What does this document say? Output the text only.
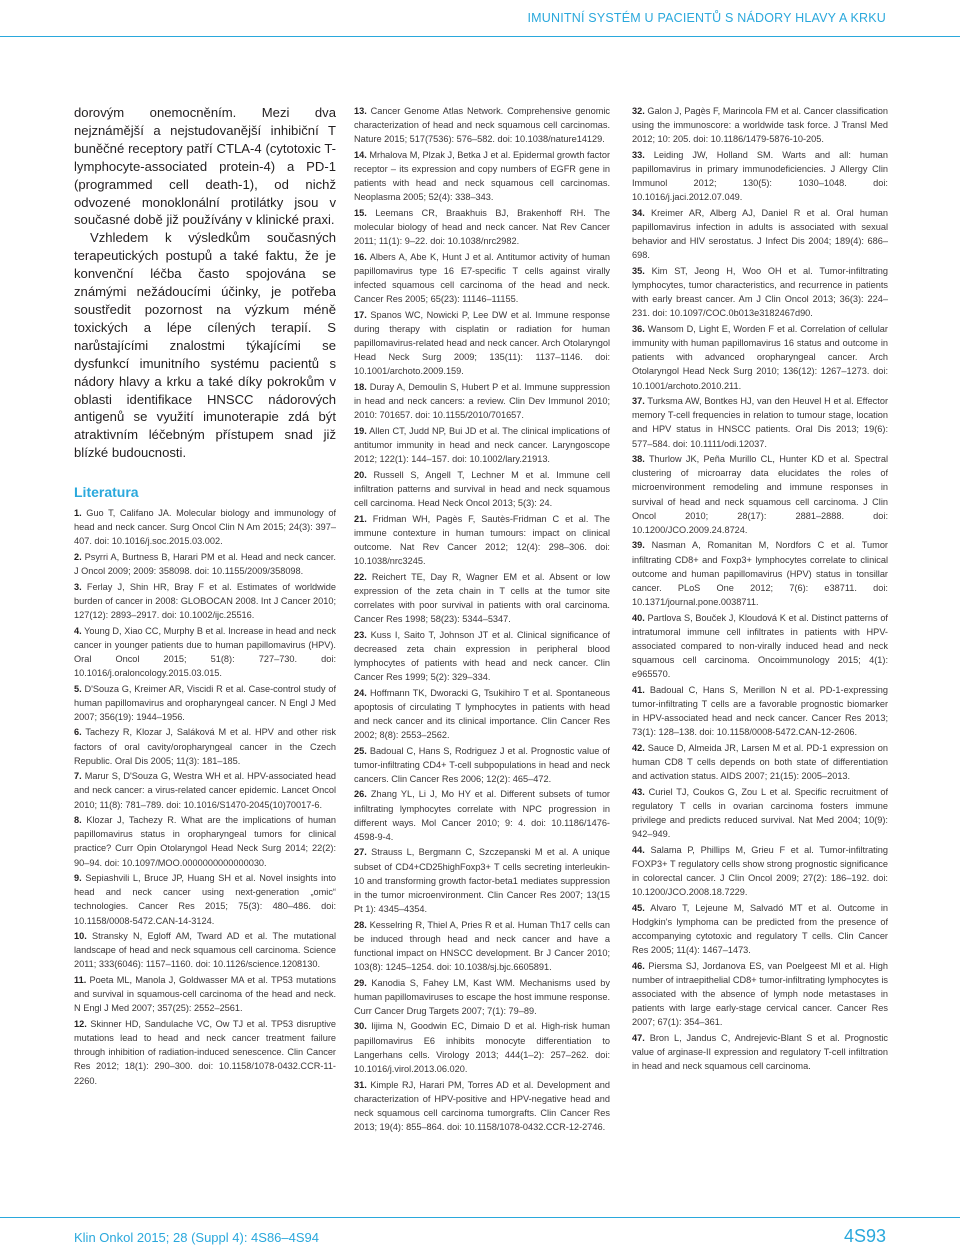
IMUNITNÍ SYSTÉM U PACIENTŮ S NÁDORY HLAVY A KRKU

dorovým onemocněním. Mezi dva nejznámější a nejstudovanější inhibiční T buněčné receptory patří CTLA-4 (cytotoxic T-lymphocyte-associated protein-4) a PD-1 (programmed cell death-1), od nichž odvozené monoklonální protilátky jsou v současné době již používány v klinické praxi.

Vzhledem k výsledkům současných terapeutických postupů a také faktu, že je konvenční léčba často spojována se známými nežádoucími účinky, je potřeba soustředit pozornost na výzkum méně toxických a lépe cílených terapií. S narůstajícími znalostmi týkajícími se dysfunkcí imunitního systému pacientů s nádory hlavy a krku a také díky pokrokům v oblasti identifikace HNSCC nádorových antigenů se využití imunoterapie zdá být atraktivním léčebným přístupem snad již blízké budoucnosti.

Literatura
1. Guo T, Califano JA. Molecular biology and immunology of head and neck cancer. Surg Oncol Clin N Am 2015; 24(3): 397–407. doi: 10.1016/j.soc.2015.03.002.
2. Psyrri A, Burtness B, Harari PM et al. Head and neck cancer. J Oncol 2009; 2009: 358098. doi: 10.1155/2009/358098.
3. Ferlay J, Shin HR, Bray F et al. Estimates of worldwide burden of cancer in 2008: GLOBOCAN 2008. Int J Cancer 2010; 127(12): 2893–2917. doi: 10.1002/ijc.25516.
4. Young D, Xiao CC, Murphy B et al. Increase in head and neck cancer in younger patients due to human papillomavirus (HPV). Oral Oncol 2015; 51(8): 727–730. doi: 10.1016/j.oraloncology.2015.03.015.
5. D'Souza G, Kreimer AR, Viscidi R et al. Case-control study of human papillomavirus and oropharyngeal cancer. N Engl J Med 2007; 356(19): 1944–1956.
6. Tachezy R, Klozar J, Saláková M et al. HPV and other risk factors of oral cavity/oropharyngeal cancer in the Czech Republic. Oral Dis 2005; 11(3): 181–185.
7. Marur S, D'Souza G, Westra WH et al. HPV-associated head and neck cancer: a virus-related cancer epidemic. Lancet Oncol 2010; 11(8): 781–789. doi: 10.1016/S1470-2045(10)70017-6.
8. Klozar J, Tachezy R. What are the implications of human papillomavirus status in oropharyngeal tumors for clinical practice? Curr Opin Otolaryngol Head Neck Surg 2014; 22(2): 90–94. doi: 10.1097/MOO.0000000000000030.
9. Sepiashvili L, Bruce JP, Huang SH et al. Novel insights into head and neck cancer using next-generation „omic“ technologies. Cancer Res 2015; 75(3): 480–486. doi: 10.1158/0008-5472.CAN-14-3124.
10. Stransky N, Egloff AM, Tward AD et al. The mutational landscape of head and neck squamous cell carcinoma. Science 2011; 333(6046): 1157–1160. doi: 10.1126/science.1208130.
11. Poeta ML, Manola J, Goldwasser MA et al. TP53 mutations and survival in squamous-cell carcinoma of the head and neck. N Engl J Med 2007; 357(25): 2552–2561.
12. Skinner HD, Sandulache VC, Ow TJ et al. TP53 disruptive mutations lead to head and neck cancer treatment failure through inhibition of radiation-induced senescence. Clin Cancer Res 2012; 18(1): 290–300. doi: 10.1158/1078-0432.CCR-11-2260.
13. Cancer Genome Atlas Network. Comprehensive genomic characterization of head and neck squamous cell carcinomas. Nature 2015; 517(7536): 576–582. doi: 10.1038/nature14129.
14. Mrhalova M, Plzak J, Betka J et al. Epidermal growth factor receptor – its expression and copy numbers of EGFR gene in patients with head and neck squamous cell carcinomas. Neoplasma 2005; 52(4): 338–343.
15. Leemans CR, Braakhuis BJ, Brakenhoff RH. The molecular biology of head and neck cancer. Nat Rev Cancer 2011; 11(1): 9–22. doi: 10.1038/nrc2982.
16. Albers A, Abe K, Hunt J et al. Antitumor activity of human papillomavirus type 16 E7-specific T cells against virally infected squamous cell carcinoma of the head and neck. Cancer Res 2005; 65(23): 11146–11155.
17. Spanos WC, Nowicki P, Lee DW et al. Immune response during therapy with cisplatin or radiation for human papillomavirus-related head and neck cancer. Arch Otolaryngol Head Neck Surg 2009; 135(11): 1137–1146. doi: 10.1001/archoto.2009.159.
18. Duray A, Demoulin S, Hubert P et al. Immune suppression in head and neck cancers: a review. Clin Dev Immunol 2010; 2010: 701657. doi: 10.1155/2010/701657.
19. Allen CT, Judd NP, Bui JD et al. The clinical implications of antitumor immunity in head and neck cancer. Laryngoscope 2012; 122(1): 144–157. doi: 10.1002/lary.21913.
20. Russell S, Angell T, Lechner M et al. Immune cell infiltration patterns and survival in head and neck squamous cell carcinoma. Head Neck Oncol 2013; 5(3): 24.
21. Fridman WH, Pagès F, Sautès-Fridman C et al. The immune contexture in human tumours: impact on clinical outcome. Nat Rev Cancer 2012; 12(4): 298–306. doi: 10.1038/nrc3245.
22. Reichert TE, Day R, Wagner EM et al. Absent or low expression of the zeta chain in T cells at the tumor site correlates with poor survival in patients with oral carcinoma. Cancer Res 1998; 58(23): 5344–5347.
23. Kuss I, Saito T, Johnson JT et al. Clinical significance of decreased zeta chain expression in peripheral blood lymphocytes of patients with head and neck cancer. Clin Cancer Res 1999; 5(2): 329–334.
24. Hoffmann TK, Dworacki G, Tsukihiro T et al. Spontaneous apoptosis of circulating T lymphocytes in patients with head and neck cancer and its clinical importance. Clin Cancer Res 2002; 8(8): 2553–2562.
25. Badoual C, Hans S, Rodriguez J et al. Prognostic value of tumor-infiltrating CD4+ T-cell subpopulations in head and neck cancers. Clin Cancer Res 2006; 12(2): 465–472.
26. Zhang YL, Li J, Mo HY et al. Different subsets of tumor infiltrating lymphocytes correlate with NPC progression in different ways. Mol Cancer 2010; 9: 4. doi: 10.1186/1476-4598-9-4.
27. Strauss L, Bergmann C, Szczepanski M et al. A unique subset of CD4+CD25highFoxp3+ T cells secreting interleukin-10 and transforming growth factor-beta1 mediates suppression in the tumor microenvironment. Clin Cancer Res 2007; 13(15 Pt 1): 4345–4354.
28. Kesselring R, Thiel A, Pries R et al. Human Th17 cells can be induced through head and neck cancer and have a functional impact on HNSCC development. Br J Cancer 2010; 103(8): 1245–1254. doi: 10.1038/sj.bjc.6605891.
29. Kanodia S, Fahey LM, Kast WM. Mechanisms used by human papillomaviruses to escape the host immune response. Curr Cancer Drug Targets 2007; 7(1): 79–89.
30. Iijima N, Goodwin EC, Dimaio D et al. High-risk human papillomavirus E6 inhibits monocyte differentiation to Langerhans cells. Virology 2013; 444(1–2): 257–262. doi: 10.1016/j.virol.2013.06.020.
31. Kimple RJ, Harari PM, Torres AD et al. Development and characterization of HPV-positive and HPV-negative head and neck squamous cell carcinoma tumorgrafts. Clin Cancer Res 2013; 19(4): 855–864. doi: 10.1158/1078-0432.CCR-12-2746.
32. Galon J, Pagès F, Marincola FM et al. Cancer classification using the immunoscore: a worldwide task force. J Transl Med 2012; 10: 205. doi: 10.1186/1479-5876-10-205.
33. Leiding JW, Holland SM. Warts and all: human papillomavirus in primary immunodeficiencies. J Allergy Clin Immunol 2012; 130(5): 1030–1048. doi: 10.1016/j.jaci.2012.07.049.
34. Kreimer AR, Alberg AJ, Daniel R et al. Oral human papillomavirus infection in adults is associated with sexual behavior and HIV serostatus. J Infect Dis 2004; 189(4): 686–698.
35. Kim ST, Jeong H, Woo OH et al. Tumor-infiltrating lymphocytes, tumor characteristics, and recurrence in patients with early breast cancer. Am J Clin Oncol 2013; 36(3): 224–231. doi: 10.1097/COC.0b013e3182467d90.
36. Wansom D, Light E, Worden F et al. Correlation of cellular immunity with human papillomavirus 16 status and outcome in patients with advanced oropharyngeal cancer. Arch Otolaryngol Head Neck Surg 2010; 136(12): 1267–1273. doi: 10.1001/archoto.2010.211.
37. Turksma AW, Bontkes HJ, van den Heuvel H et al. Effector memory T-cell frequencies in relation to tumour stage, location and HPV status in HNSCC patients. Oral Dis 2013; 19(6): 577–584. doi: 10.1111/odi.12037.
38. Thurlow JK, Peña Murillo CL, Hunter KD et al. Spectral clustering of microarray data elucidates the roles of microenvironment remodeling and immune responses in survival of head and neck squamous cell carcinoma. J Clin Oncol 2010; 28(17): 2881–2888. doi: 10.1200/JCO.2009.24.8724.
39. Nasman A, Romanitan M, Nordfors C et al. Tumor infiltrating CD8+ and Foxp3+ lymphocytes correlate to clinical outcome and human papillomavirus (HPV) status in tonsillar cancer. PLoS One 2012; 7(6): e38711. doi: 10.1371/journal.pone.0038711.
40. Partlova S, Bouček J, Kloudová K et al. Distinct patterns of intratumoral immune cell infiltrates in patients with HPV-associated compared to non-virally induced head and neck squamous cell carcinoma. Oncoimmunology 2015; 4(1): e965570.
41. Badoual C, Hans S, Merillon N et al. PD-1-expressing tumor-infiltrating T cells are a favorable prognostic biomarker in HPV-associated head and neck cancer. Cancer Res 2013; 73(1): 128–138. doi: 10.1158/0008-5472.CAN-12-2606.
42. Sauce D, Almeida JR, Larsen M et al. PD-1 expression on human CD8 T cells depends on both state of differentiation and activation status. AIDS 2007; 21(15): 2005–2013.
43. Curiel TJ, Coukos G, Zou L et al. Specific recruitment of regulatory T cells in ovarian carcinoma fosters immune privilege and predicts reduced survival. Nat Med 2004; 10(9): 942–949.
44. Salama P, Phillips M, Grieu F et al. Tumor-infiltrating FOXP3+ T regulatory cells show strong prognostic significance in colorectal cancer. J Clin Oncol 2009; 27(2): 186–192. doi: 10.1200/JCO.2008.18.7229.
45. Alvaro T, Lejeune M, Salvadó MT et al. Outcome in Hodgkin's lymphoma can be predicted from the presence of accompanying cytotoxic and regulatory T cells. Clin Cancer Res 2005; 11(4): 1467–1473.
46. Piersma SJ, Jordanova ES, van Poelgeest MI et al. High number of intraepithelial CD8+ tumor-infiltrating lymphocytes is associated with the absence of lymph node metastases in patients with large early-stage cervical cancer. Cancer Res 2007; 67(1): 354–361.
47. Bron L, Jandus C, Andrejevic-Blant S et al. Prognostic value of arginase-II expression and regulatory T-cell infiltration in head and neck squamous cell carcinoma.
Klin Onkol 2015; 28 (Suppl 4): 4S86–4S94	4S93
